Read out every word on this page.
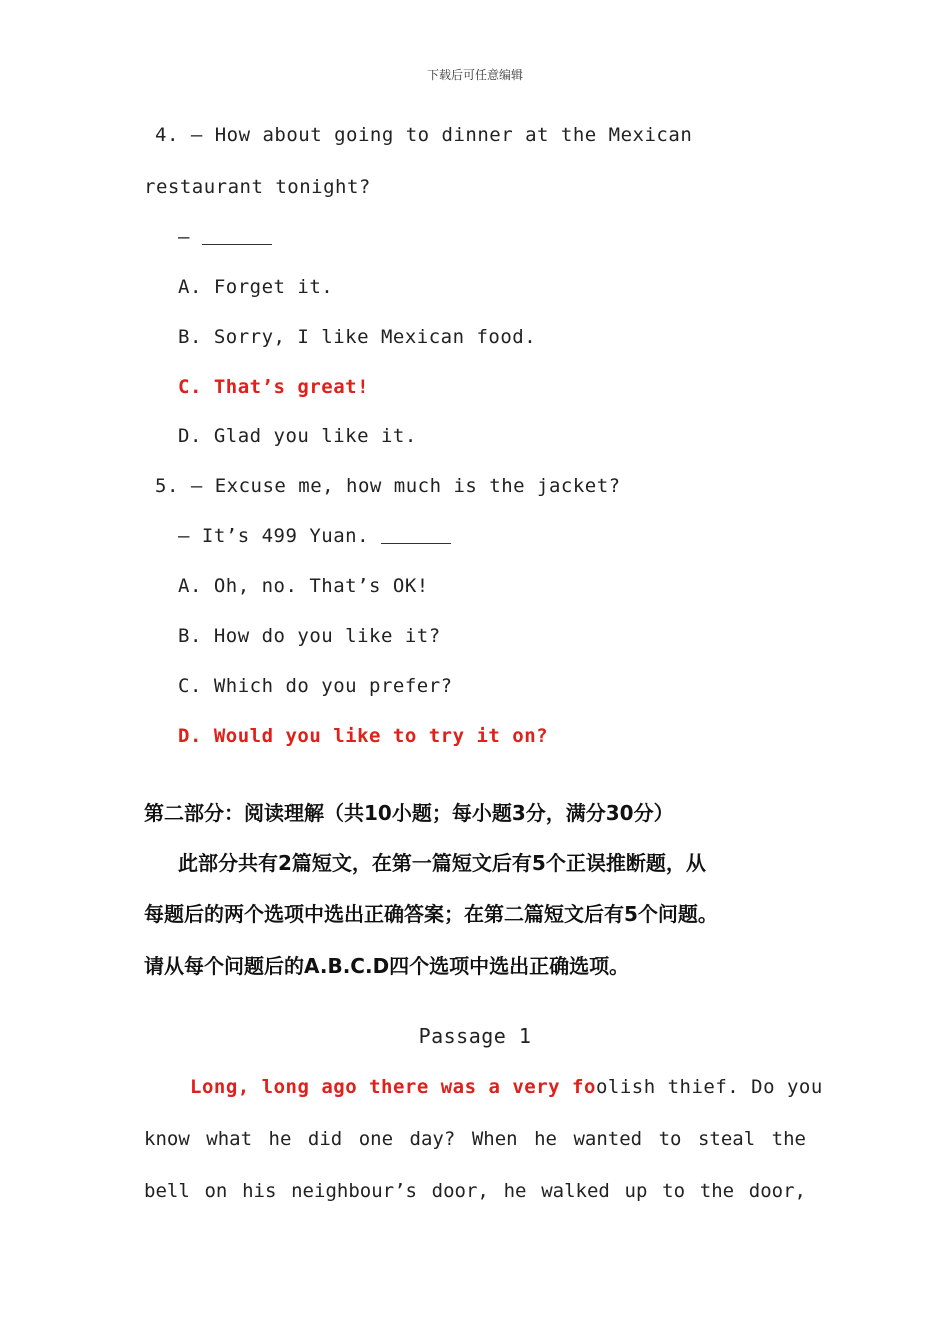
下载后可任意编辑
4. — How about going to dinner at the Mexican
restaurant tonight?
—
A. Forget it.
B. Sorry, I like Mexican food.
C. That’s great!
D. Glad you like it.
5. — Excuse me, how much is the jacket?
— It’s 499 Yuan.
A. Oh, no. That’s OK!
B. How do you like it?
C. Which do you prefer?
D. Would you like to try it on?
第二部分：阅读理解（共10小题；每小题3分，满分30分）
此部分共有2篇短文，在第一篇短文后有5个正误推断题，从
每题后的两个选项中选出正确答案；在第二篇短文后有5个问题。
请从每个问题后的A.B.C.D四个选项中选出正确选项。
Passage 1
Long, long ago there was a very foolish thief. Do you
know what he did one day? When he wanted to steal the
bell on his neighbour’s door, he walked up to the door,
